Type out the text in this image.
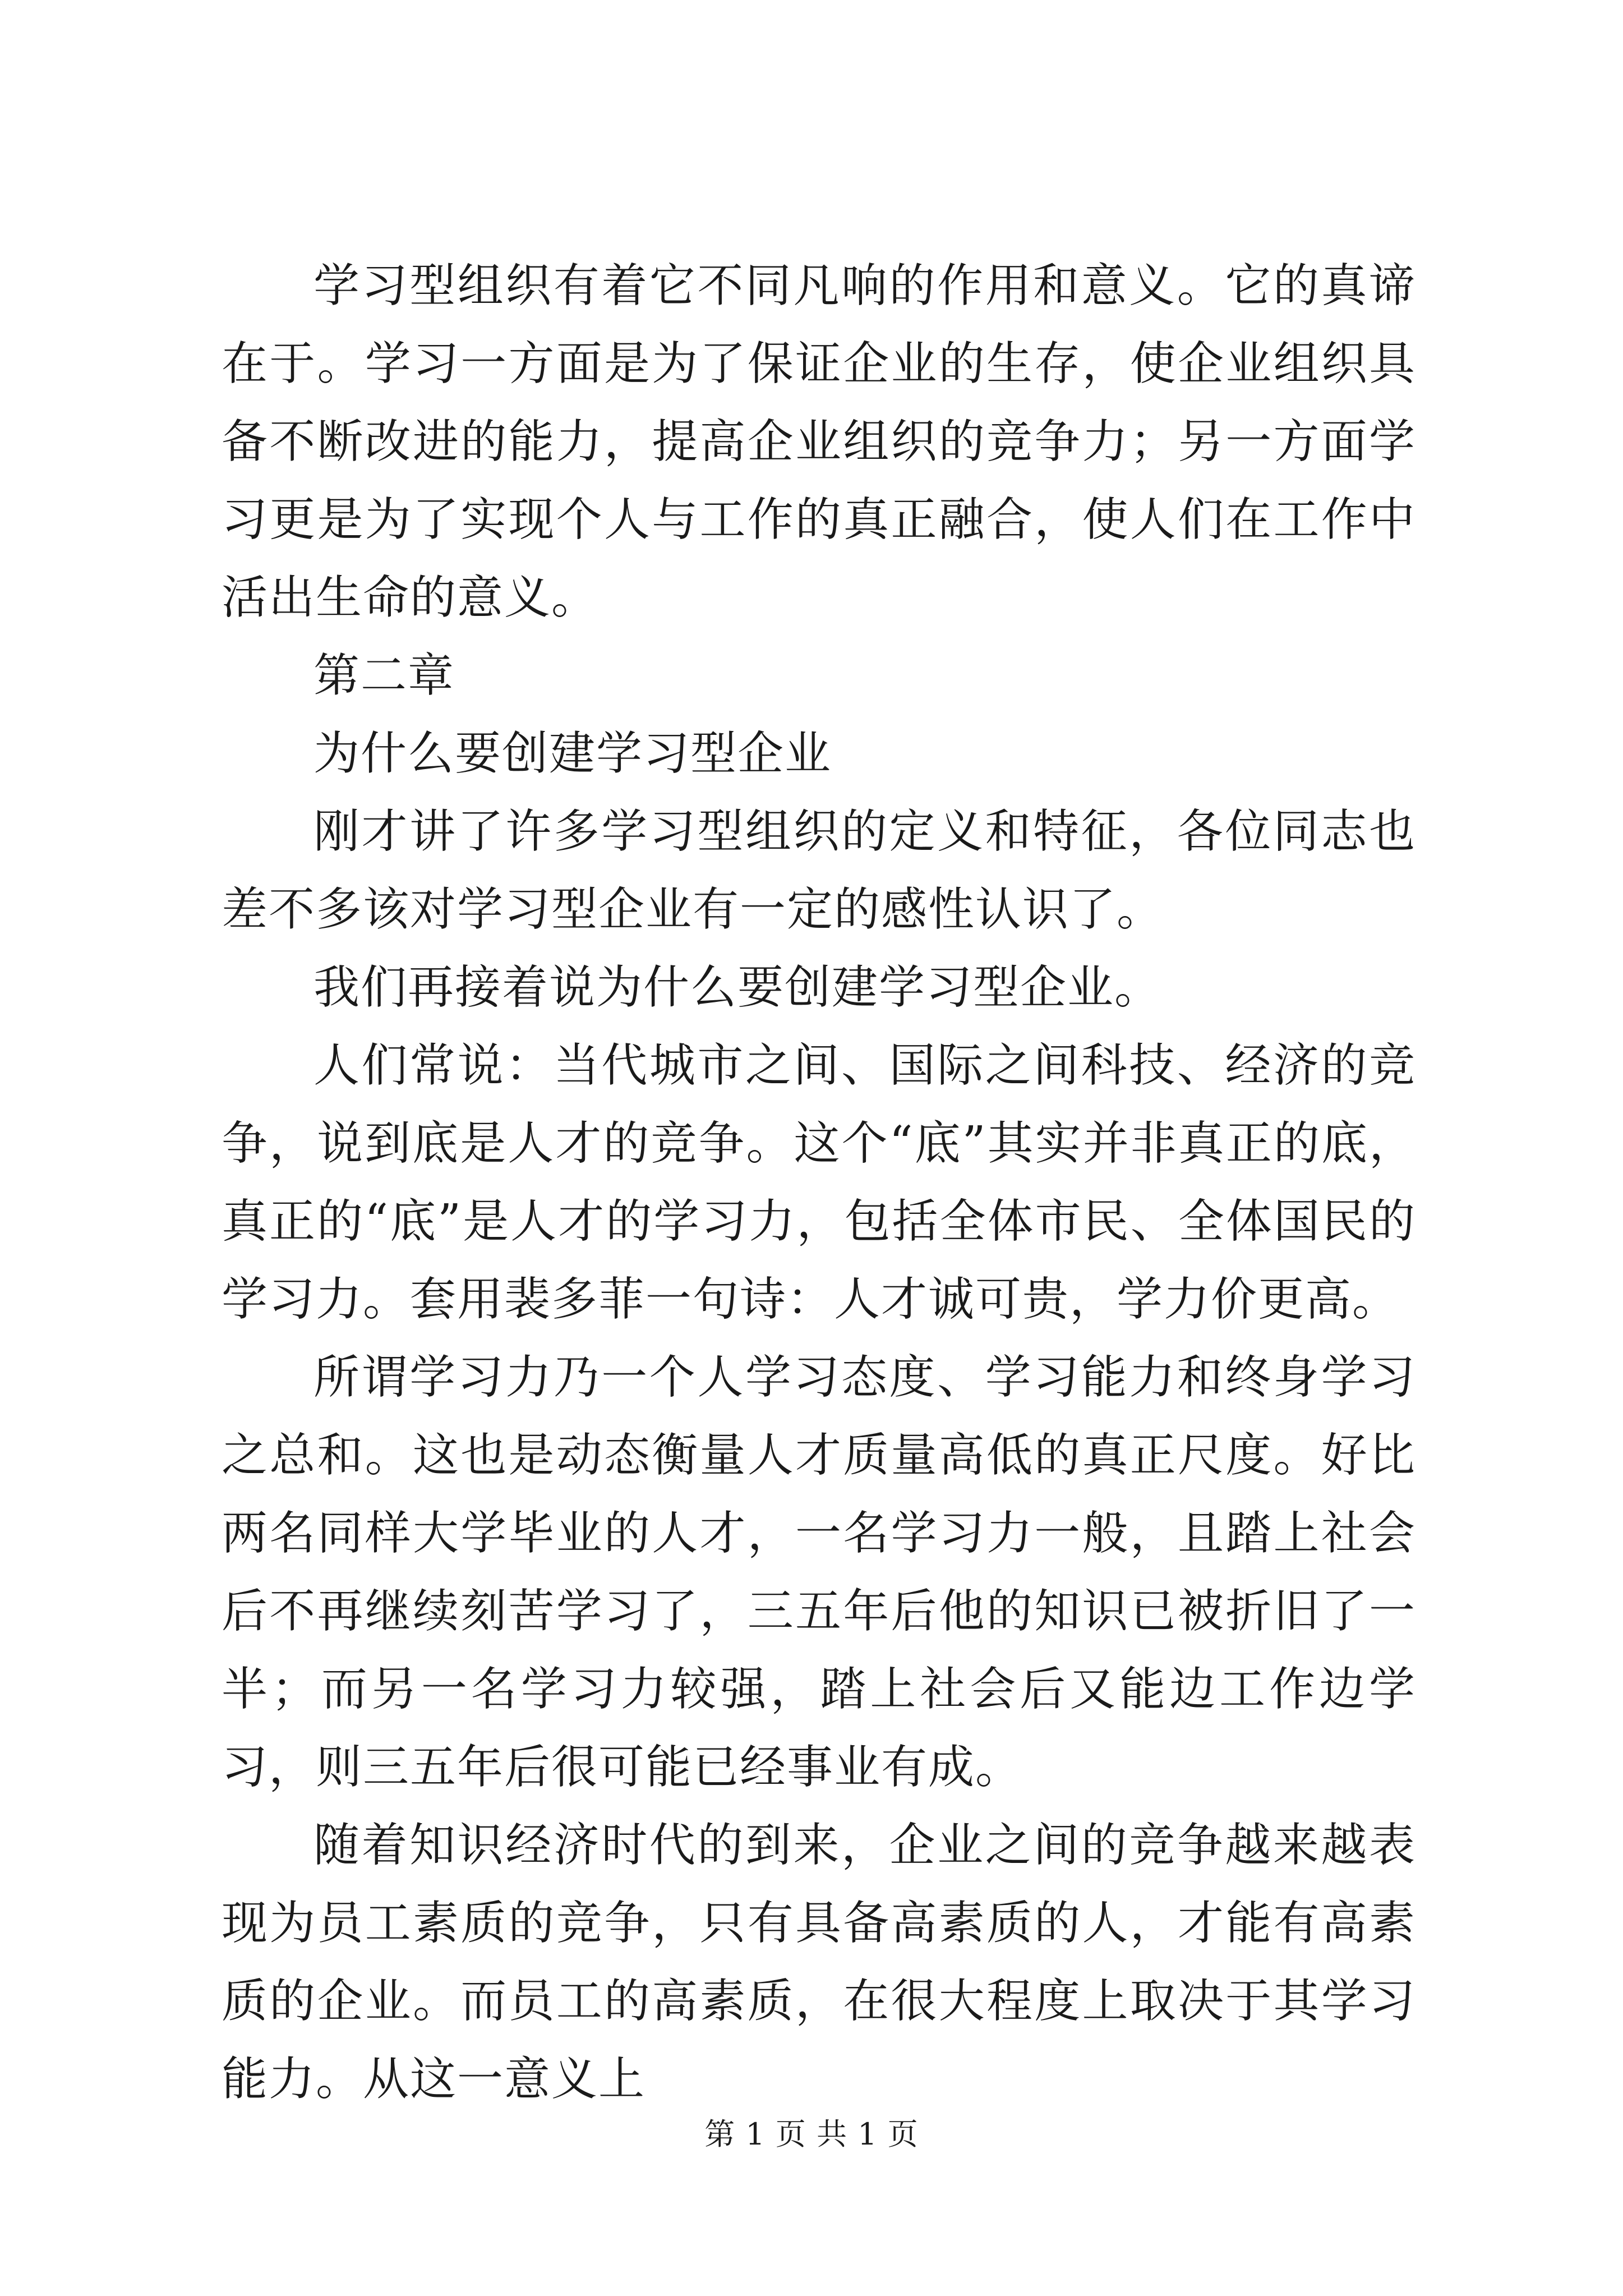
学习型组织有着它不同凡响的作用和意义。它的真谛在于。学习一方面是为了保证企业的生存，使企业组织具备不断改进的能力，提高企业组织的竞争力；另一方面学习更是为了实现个人与工作的真正融合，使人们在工作中活出生命的意义。

第二章

为什么要创建学习型企业

刚才讲了许多学习型组织的定义和特征，各位同志也差不多该对学习型企业有一定的感性认识了。

我们再接着说为什么要创建学习型企业。

人们常说：当代城市之间、国际之间科技、经济的竞争，说到底是人才的竞争。这个“底”其实并非真正的底，真正的“底”是人才的学习力，包括全体市民、全体国民的学习力。套用裴多菲一句诗：人才诚可贵，学力价更高。

所谓学习力乃一个人学习态度、学习能力和终身学习之总和。这也是动态衡量人才质量高低的真正尺度。好比两名同样大学毕业的人才，一名学习力一般，且踏上社会后不再继续刻苦学习了，三五年后他的知识已被折旧了一半；而另一名学习力较强，踏上社会后又能边工作边学习，则三五年后很可能已经事业有成。

随着知识经济时代的到来，企业之间的竞争越来越表现为员工素质的竞争，只有具备高素质的人，才能有高素质的企业。而员工的高素质，在很大程度上取决于其学习能力。从这一意义上

第 1 页 共 1 页
